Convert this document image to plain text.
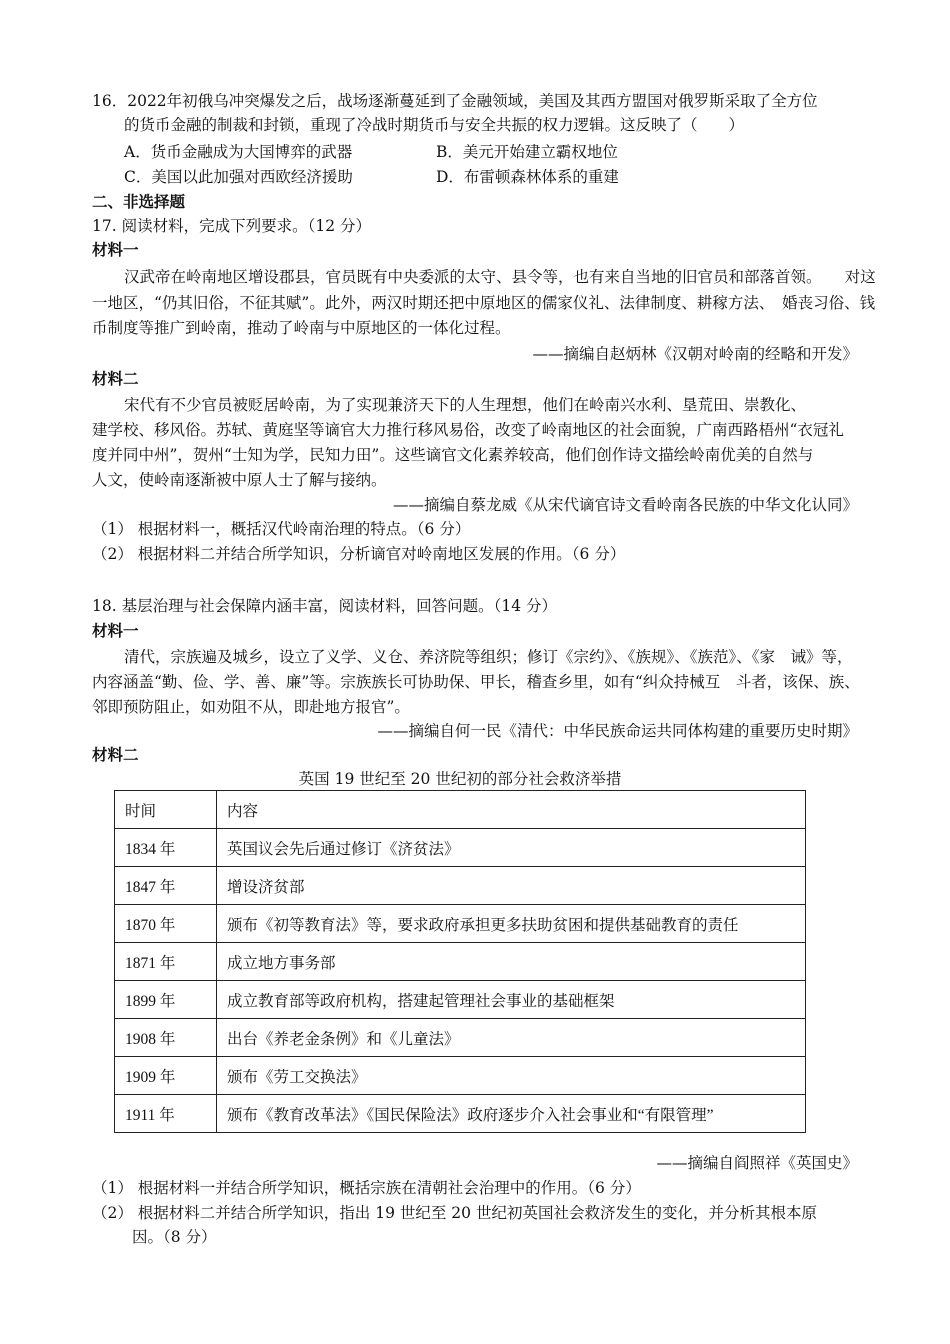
16．2022年初俄乌冲突爆发之后，战场逐渐蔓延到了金融领域，美国及其西方盟国对俄罗斯采取了全方位
的货币金融的制裁和封锁，重现了冷战时期货币与安全共振的权力逻辑。这反映了（　　）
A．货币金融成为大国博弈的武器	B．美元开始建立霸权地位
C．美国以此加强对西欧经济援助	D．布雷顿森林体系的重建
二、非选择题
17. 阅读材料，完成下列要求。（12 分）
材料一
汉武帝在岭南地区增设郡县，官员既有中央委派的太守、县令等，也有来自当地的旧官员和部落首领。　　对这
一地区，“仍其旧俗，不征其赋”。此外，两汉时期还把中原地区的儒家仪礼、法律制度、耕稼方法、　婚丧习俗、钱
币制度等推广到岭南，推动了岭南与中原地区的一体化过程。
——摘编自赵炳林《汉朝对岭南的经略和开发》
材料二
宋代有不少官员被贬居岭南，为了实现兼济天下的人生理想，他们在岭南兴水利、垦荒田、崇教化、
建学校、移风俗。苏轼、黄庭坚等谪官大力推行移风易俗，改变了岭南地区的社会面貌，广南西路梧州“衣冠礼
度并同中州”，贺州“士知为学，民知力田”。这些谪官文化素养较高，他们创作诗文描绘岭南优美的自然与
人文，使岭南逐渐被中原人士了解与接纳。
——摘编自蔡龙威《从宋代谪官诗文看岭南各民族的中华文化认同》
（1） 根据材料一，概括汉代岭南治理的特点。（6 分）
（2） 根据材料二并结合所学知识，分析谪官对岭南地区发展的作用。（6 分）
18. 基层治理与社会保障内涵丰富，阅读材料，回答问题。（14 分）
材料一
清代，宗族遍及城乡，设立了义学、义仓、养济院等组织；修订《宗约》、《族规》、《族范》、《家　诫》等，
内容涵盖“勤、俭、学、善、廉”等。宗族族长可协助保、甲长，稽查乡里，如有“纠众持械互　斗者，该保、族、
邻即预防阻止，如劝阻不从，即赴地方报官”。
——摘编自何一民《清代：中华民族命运共同体构建的重要历史时期》
材料二
英国 19 世纪至 20 世纪初的部分社会救济举措
时间	内容
1834 年	英国议会先后通过修订《济贫法》
1847 年	增设济贫部
1870 年	颁布《初等教育法》等，要求政府承担更多扶助贫困和提供基础教育的责任
1871 年	成立地方事务部
1899 年	成立教育部等政府机构，搭建起管理社会事业的基础框架
1908 年	出台《养老金条例》和《儿童法》
1909 年	颁布《劳工交换法》
1911 年	颁布《教育改革法》《国民保险法》政府逐步介入社会事业和“有限管理”
——摘编自阎照祥《英国史》
（1） 根据材料一并结合所学知识，概括宗族在清朝社会治理中的作用。（6 分）
（2） 根据材料二并结合所学知识，指出 19 世纪至 20 世纪初英国社会救济发生的变化，并分析其根本原
因。（8 分）
